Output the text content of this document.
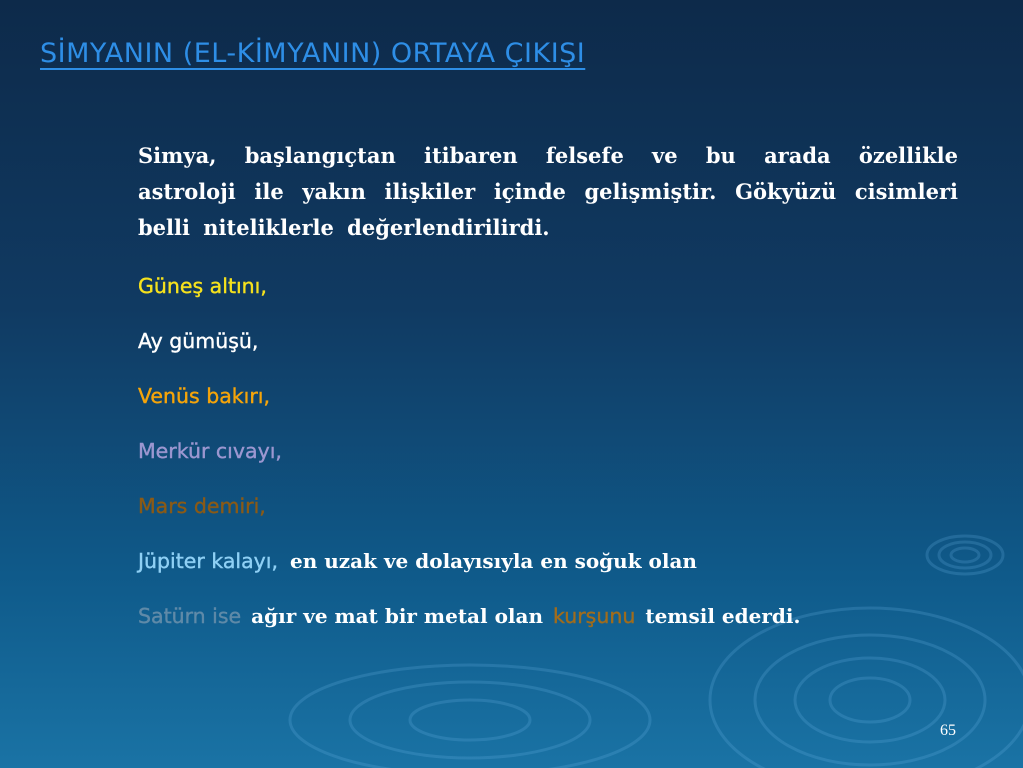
SİMYANIN (EL-KİMYANIN) ORTAYA ÇIKIŞI

Simya, başlangıçtan itibaren felsefe ve bu arada özellikle astroloji ile yakın ilişkiler içinde gelişmiştir. Gökyüzü cisimleri belli niteliklerle değerlendirilirdi.

Güneş altını,
Ay gümüşü,
Venüs bakırı,
Merkür cıvayı,
Mars demiri,
Jüpiter kalayı, en uzak ve dolayısıyla en soğuk olan
Satürn ise ağır ve mat bir metal olan kurşunu temsil ederdi.
65
